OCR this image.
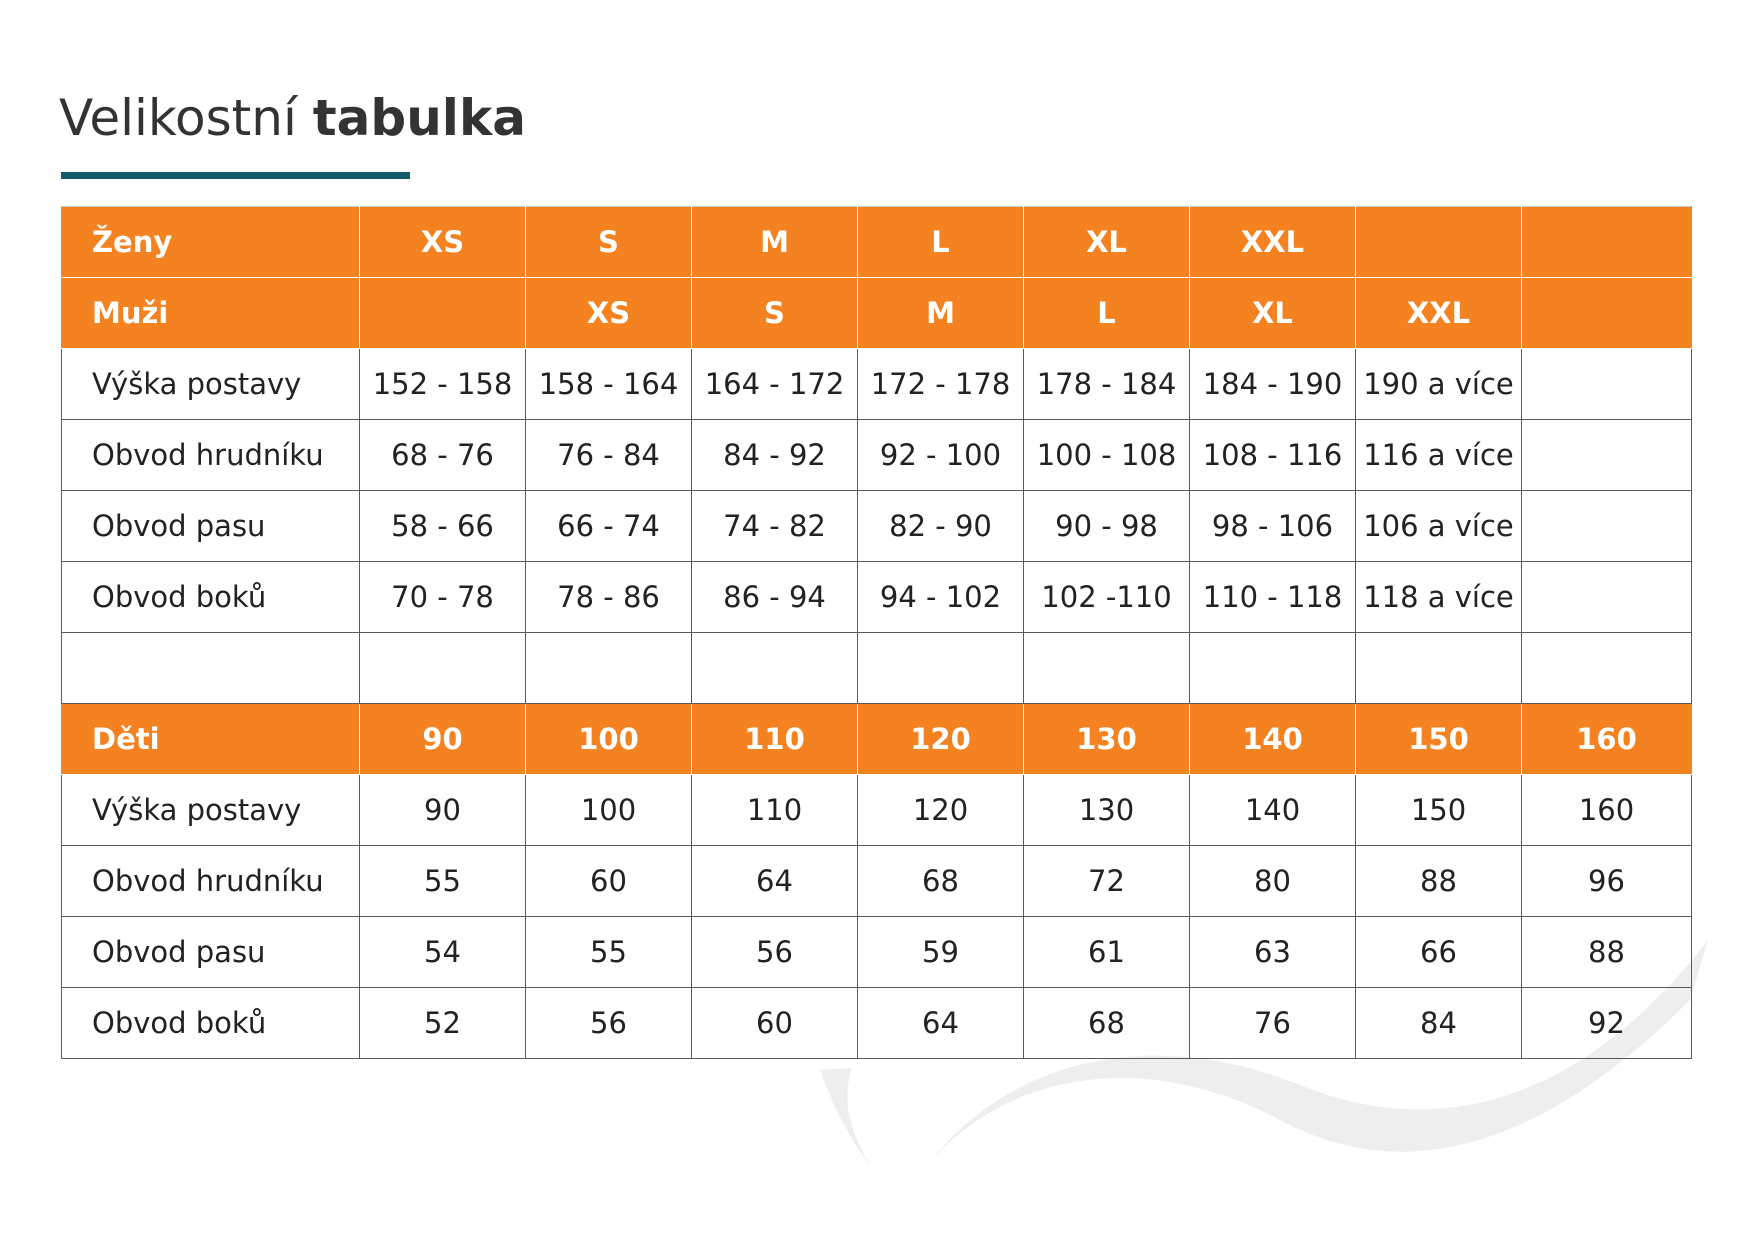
Velikostní tabulka
Ženy	XS	S	M	L	XL	XXL		
Muži		XS	S	M	L	XL	XXL	
Výška postavy	152 - 158	158 - 164	164 - 172	172 - 178	178 - 184	184 - 190	190 a více	
Obvod hrudníku	68 - 76	76 - 84	84 - 92	92 - 100	100 - 108	108 - 116	116 a více	
Obvod pasu	58 - 66	66 - 74	74 - 82	82 - 90	90 - 98	98 - 106	106 a více	
Obvod boků	70 - 78	78 - 86	86 - 94	94 - 102	102 -110	110 - 118	118 a více	

Děti	90	100	110	120	130	140	150	160
Výška postavy	90	100	110	120	130	140	150	160
Obvod hrudníku	55	60	64	68	72	80	88	96
Obvod pasu	54	55	56	59	61	63	66	88
Obvod boků	52	56	60	64	68	76	84	92
